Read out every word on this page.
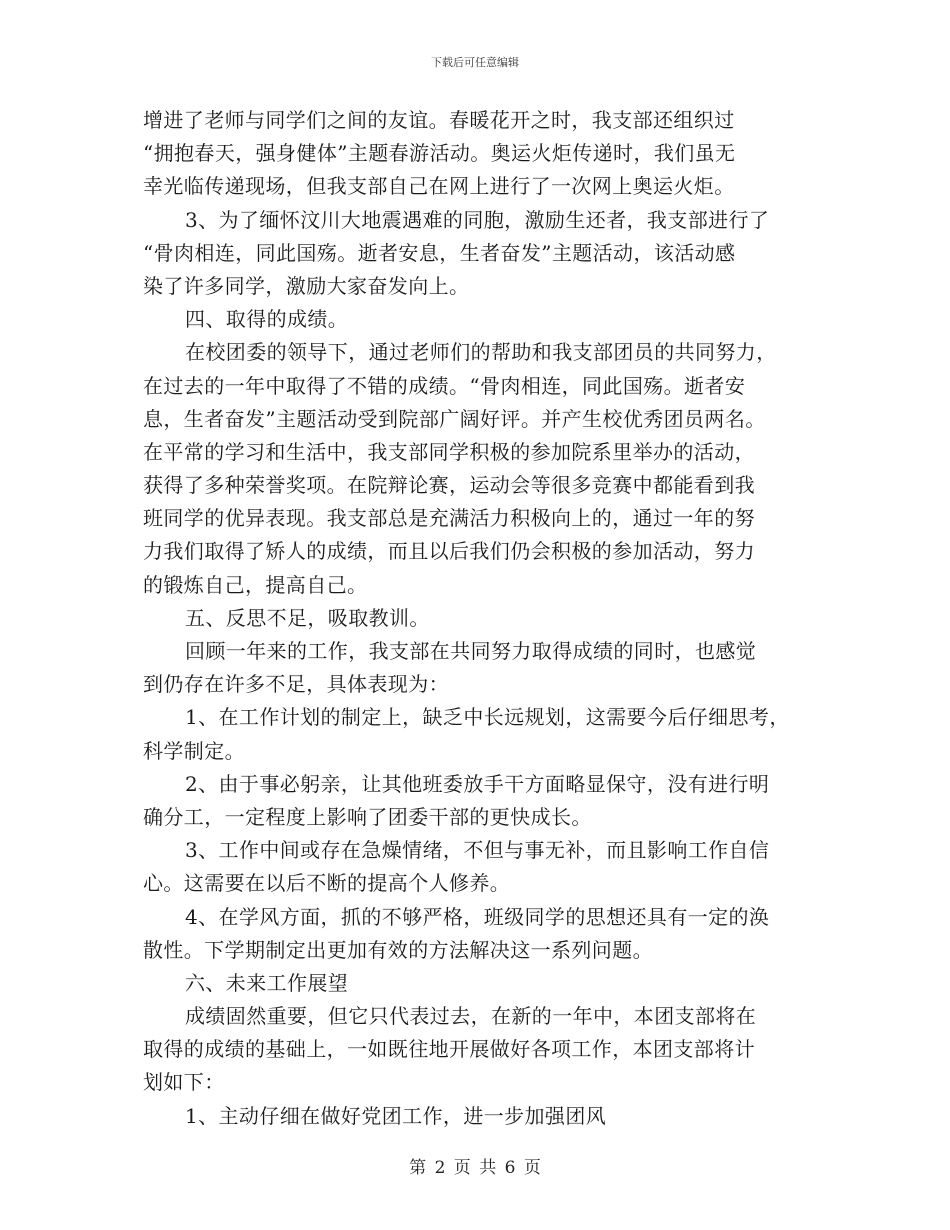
下载后可任意编辑
增进了老师与同学们之间的友谊。春暖花开之时，我支部还组织过
“拥抱春天，强身健体”主题春游活动。奥运火炬传递时，我们虽无
幸光临传递现场，但我支部自己在网上进行了一次网上奥运火炬。
3、为了缅怀汶川大地震遇难的同胞，激励生还者，我支部进行了
“骨肉相连，同此国殇。逝者安息，生者奋发”主题活动，该活动感
染了许多同学，激励大家奋发向上。
四、取得的成绩。
在校团委的领导下，通过老师们的帮助和我支部团员的共同努力，
在过去的一年中取得了不错的成绩。“骨肉相连，同此国殇。逝者安
息，生者奋发”主题活动受到院部广阔好评。并产生校优秀团员两名。
在平常的学习和生活中，我支部同学积极的参加院系里举办的活动，
获得了多种荣誉奖项。在院辩论赛，运动会等很多竞赛中都能看到我
班同学的优异表现。我支部总是充满活力积极向上的，通过一年的努
力我们取得了矫人的成绩，而且以后我们仍会积极的参加活动，努力
的锻炼自己，提高自己。
五、反思不足，吸取教训。
回顾一年来的工作，我支部在共同努力取得成绩的同时，也感觉
到仍存在许多不足，具体表现为：
1、在工作计划的制定上，缺乏中长远规划，这需要今后仔细思考，
科学制定。
2、由于事必躬亲，让其他班委放手干方面略显保守，没有进行明
确分工，一定程度上影响了团委干部的更快成长。
3、工作中间或存在急燥情绪，不但与事无补，而且影响工作自信
心。这需要在以后不断的提高个人修养。
4、在学风方面，抓的不够严格，班级同学的思想还具有一定的涣
散性。下学期制定出更加有效的方法解决这一系列问题。
六、未来工作展望
成绩固然重要，但它只代表过去，在新的一年中，本团支部将在
取得的成绩的基础上，一如既往地开展做好各项工作，本团支部将计
划如下：
1、主动仔细在做好党团工作，进一步加强团风
第 2 页 共 6 页
